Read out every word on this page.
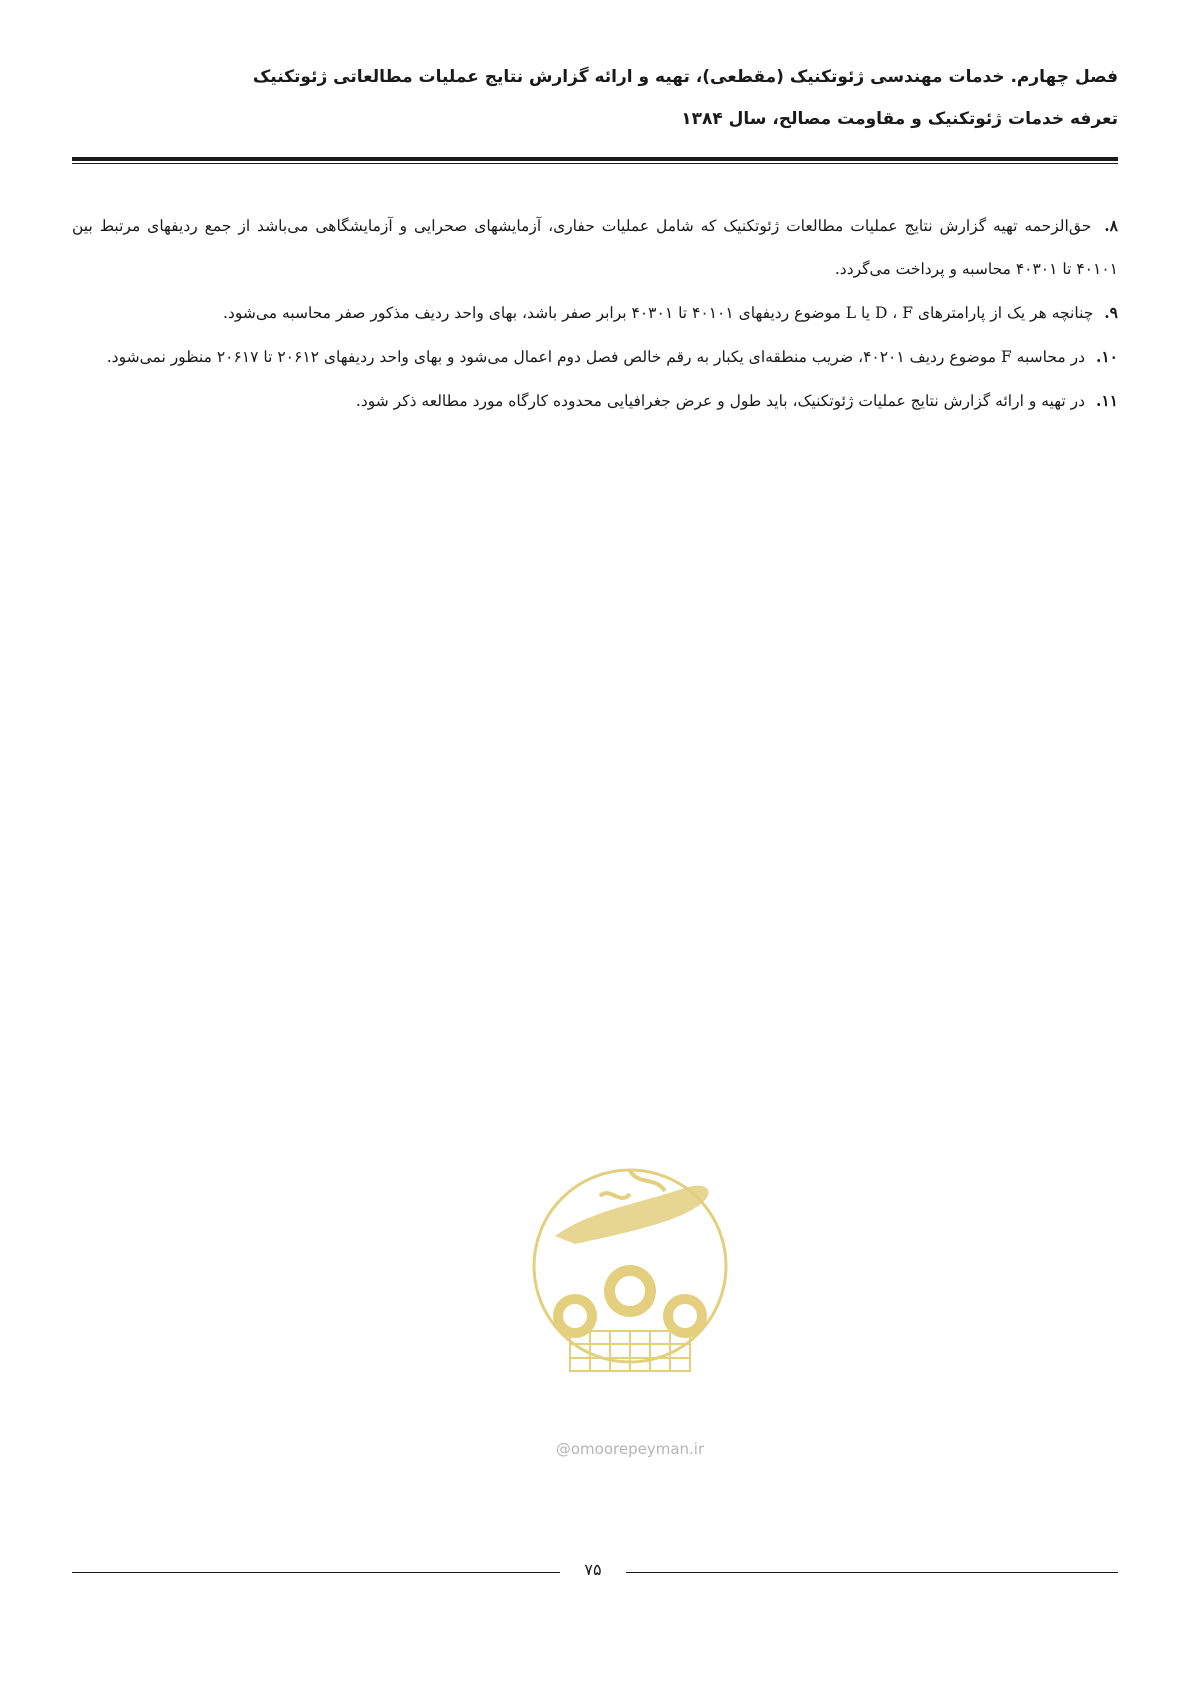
فصل چهارم. خدمات مهندسی ژئوتکنیک (مقطعی)، تهیه و ارائه گزارش نتایج عملیات مطالعاتی ژئوتکنیک
تعرفه خدمات ژئوتکنیک و مقاومت مصالح، سال ۱۳۸۴

۸. حق‌الزحمه تهیه گزارش نتایج عملیات مطالعات ژئوتکنیک که شامل عملیات حفاری، آزمایشهای صحرایی و آزمایشگاهی می‌باشد از جمع ردیفهای مرتبط بین ۴۰۱۰۱ تا ۴۰۳۰۱ محاسبه و پرداخت می‌گردد.

۹. چنانچه هر یک از پارامترهای D ، F یا L موضوع ردیفهای ۴۰۱۰۱ تا ۴۰۳۰۱ برابر صفر باشد، بهای واحد ردیف مذکور صفر محاسبه می‌شود.

۱۰. در محاسبه F موضوع ردیف ۴۰۲۰۱، ضریب منطقه‌ای یکبار به رقم خالص فصل دوم اعمال می‌شود و بهای واحد ردیفهای ۲۰۶۱۲ تا ۲۰۶۱۷ منظور نمی‌شود.

۱۱. در تهیه و ارائه گزارش نتایج عملیات ژئوتکنیک، باید طول و عرض جغرافیایی محدوده کارگاه مورد مطالعه ذکر شود.

@omoorepeyman.ir
۷۵
